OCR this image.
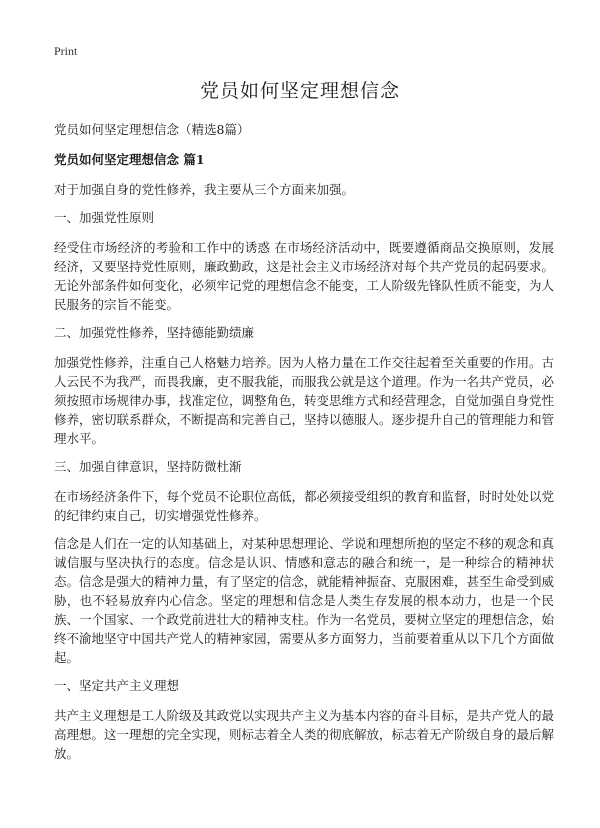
Print
党员如何坚定理想信念

党员如何坚定理想信念（精选8篇）

党员如何坚定理想信念 篇1

对于加强自身的党性修养，我主要从三个方面来加强。

一、加强党性原则

经受住市场经济的考验和工作中的诱惑 在市场经济活动中，既要遵循商品交换原则，发展经济，又要坚持党性原则，廉政勤政，这是社会主义市场经济对每个共产党员的起码要求。无论外部条件如何变化，必须牢记党的理想信念不能变，工人阶级先锋队性质不能变，为人民服务的宗旨不能变。

二、加强党性修养，坚持德能勤绩廉

加强党性修养，注重自己人格魅力培养。因为人格力量在工作交往起着至关重要的作用。古人云民不为我严，而畏我廉，吏不服我能，而服我公就是这个道理。作为一名共产党员，必须按照市场规律办事，找准定位，调整角色，转变思维方式和经营理念，自觉加强自身党性修养，密切联系群众，不断提高和完善自己，坚持以德服人。逐步提升自己的管理能力和管理水平。

三、加强自律意识，坚持防微杜渐

在市场经济条件下，每个党员不论职位高低，都必须接受组织的教育和监督，时时处处以党的纪律约束自己，切实增强党性修养。

信念是人们在一定的认知基础上，对某种思想理论、学说和理想所抱的坚定不移的观念和真诚信服与坚决执行的态度。信念是认识、情感和意志的融合和统一，是一种综合的精神状态。信念是强大的精神力量，有了坚定的信念，就能精神振奋、克服困难，甚至生命受到威胁，也不轻易放弃内心信念。坚定的理想和信念是人类生存发展的根本动力，也是一个民族、一个国家、一个政党前进壮大的精神支柱。作为一名党员，要树立坚定的理想信念，始终不渝地坚守中国共产党人的精神家园，需要从多方面努力，当前要着重从以下几个方面做起。

一、坚定共产主义理想

共产主义理想是工人阶级及其政党以实现共产主义为基本内容的奋斗目标，是共产党人的最高理想。这一理想的完全实现，则标志着全人类的彻底解放，标志着无产阶级自身的最后解放。
